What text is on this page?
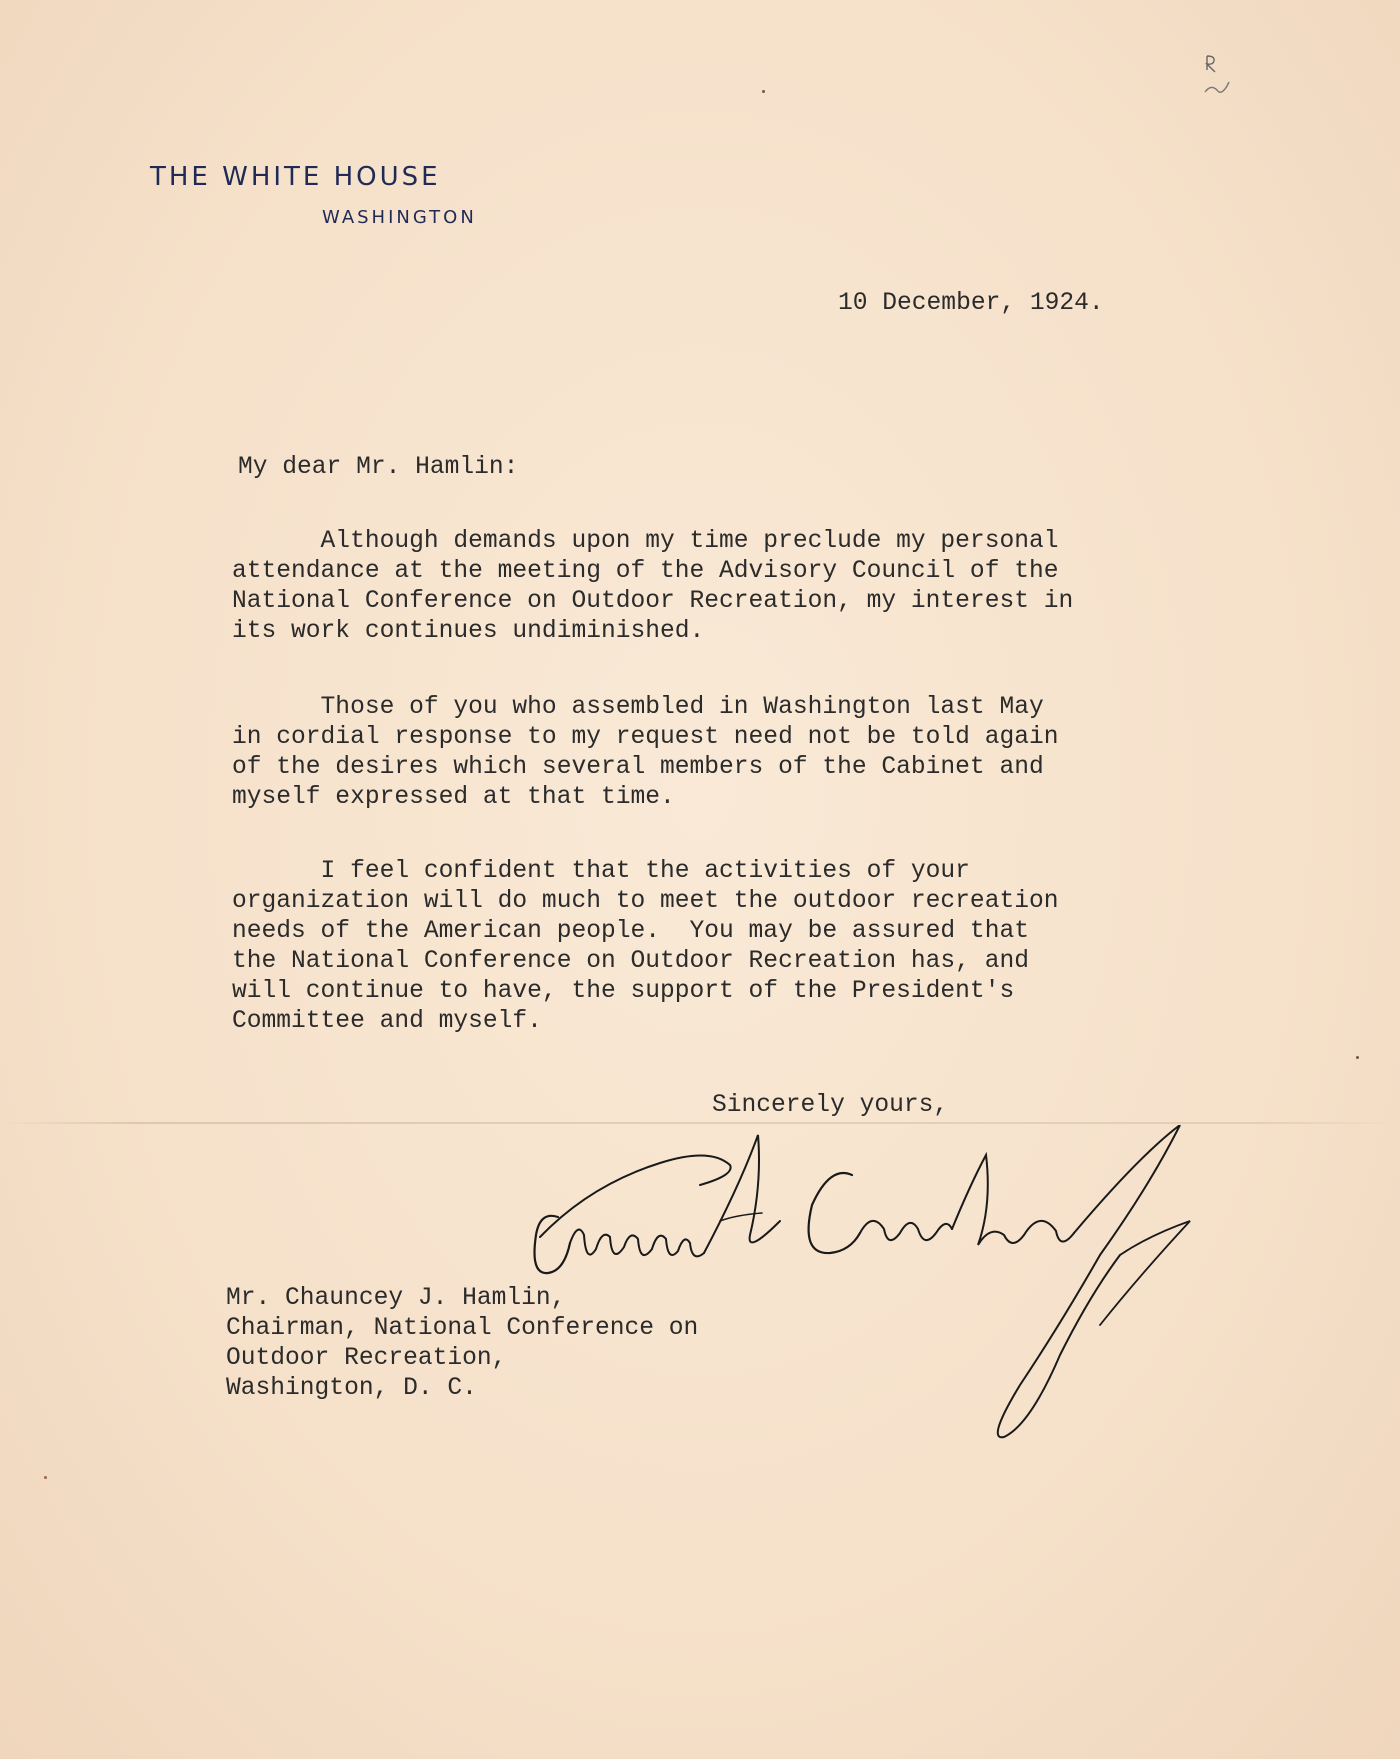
THE WHITE HOUSE
WASHINGTON
10 December, 1924.
My dear Mr. Hamlin:
Although demands upon my time preclude my personal
attendance at the meeting of the Advisory Council of the
National Conference on Outdoor Recreation, my interest in
its work continues undiminished.
Those of you who assembled in Washington last May
in cordial response to my request need not be told again
of the desires which several members of the Cabinet and
myself expressed at that time.
I feel confident that the activities of your
organization will do much to meet the outdoor recreation
needs of the American people.  You may be assured that
the National Conference on Outdoor Recreation has, and
will continue to have, the support of the President's
Committee and myself.
Sincerely yours,
Mr. Chauncey J. Hamlin,
Chairman, National Conference on
Outdoor Recreation,
Washington, D. C.
